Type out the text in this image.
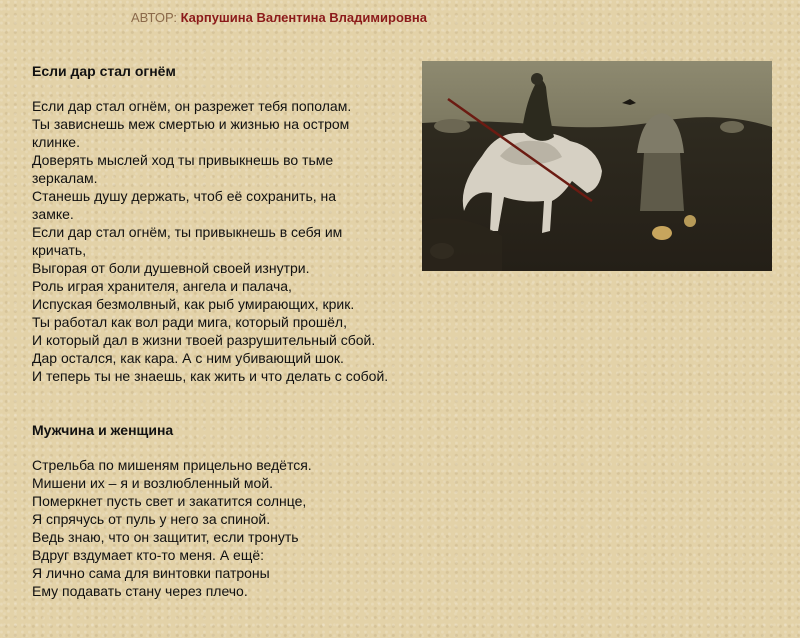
АВТОР: Карпушина Валентина Владимировна
Если дар стал огнём
Если дар стал огнём, он разрежет тебя пополам.
Ты зависнешь меж смертью и жизнью на остром
клинке.
Доверять мыслей ход ты привыкнешь во тьме
зеркалам.
Станешь душу держать, чтоб её сохранить, на
замке.
Если дар стал огнём, ты привыкнешь в себя им
кричать,
Выгорая от боли душевной своей изнутри.
Роль играя хранителя, ангела и палача,
Испуская безмолвный, как рыб умирающих, крик.
Ты работал как вол ради мига, который прошёл,
И который дал в жизни твоей разрушительный сбой.
Дар остался, как кара. А с ним убивающий шок.
И теперь ты не знаешь, как жить и что делать с собой.
Мужчина и женщина
Стрельба по мишеням прицельно ведётся.
Мишени их – я и возлюбленный мой.
Померкнет пусть свет и закатится солнце,
Я спрячусь от пуль у него за спиной.
Ведь знаю, что он защитит, если тронуть
Вдруг вздумает кто-то меня. А ещё:
Я лично сама для винтовки патроны
Ему подавать стану через плечо.
